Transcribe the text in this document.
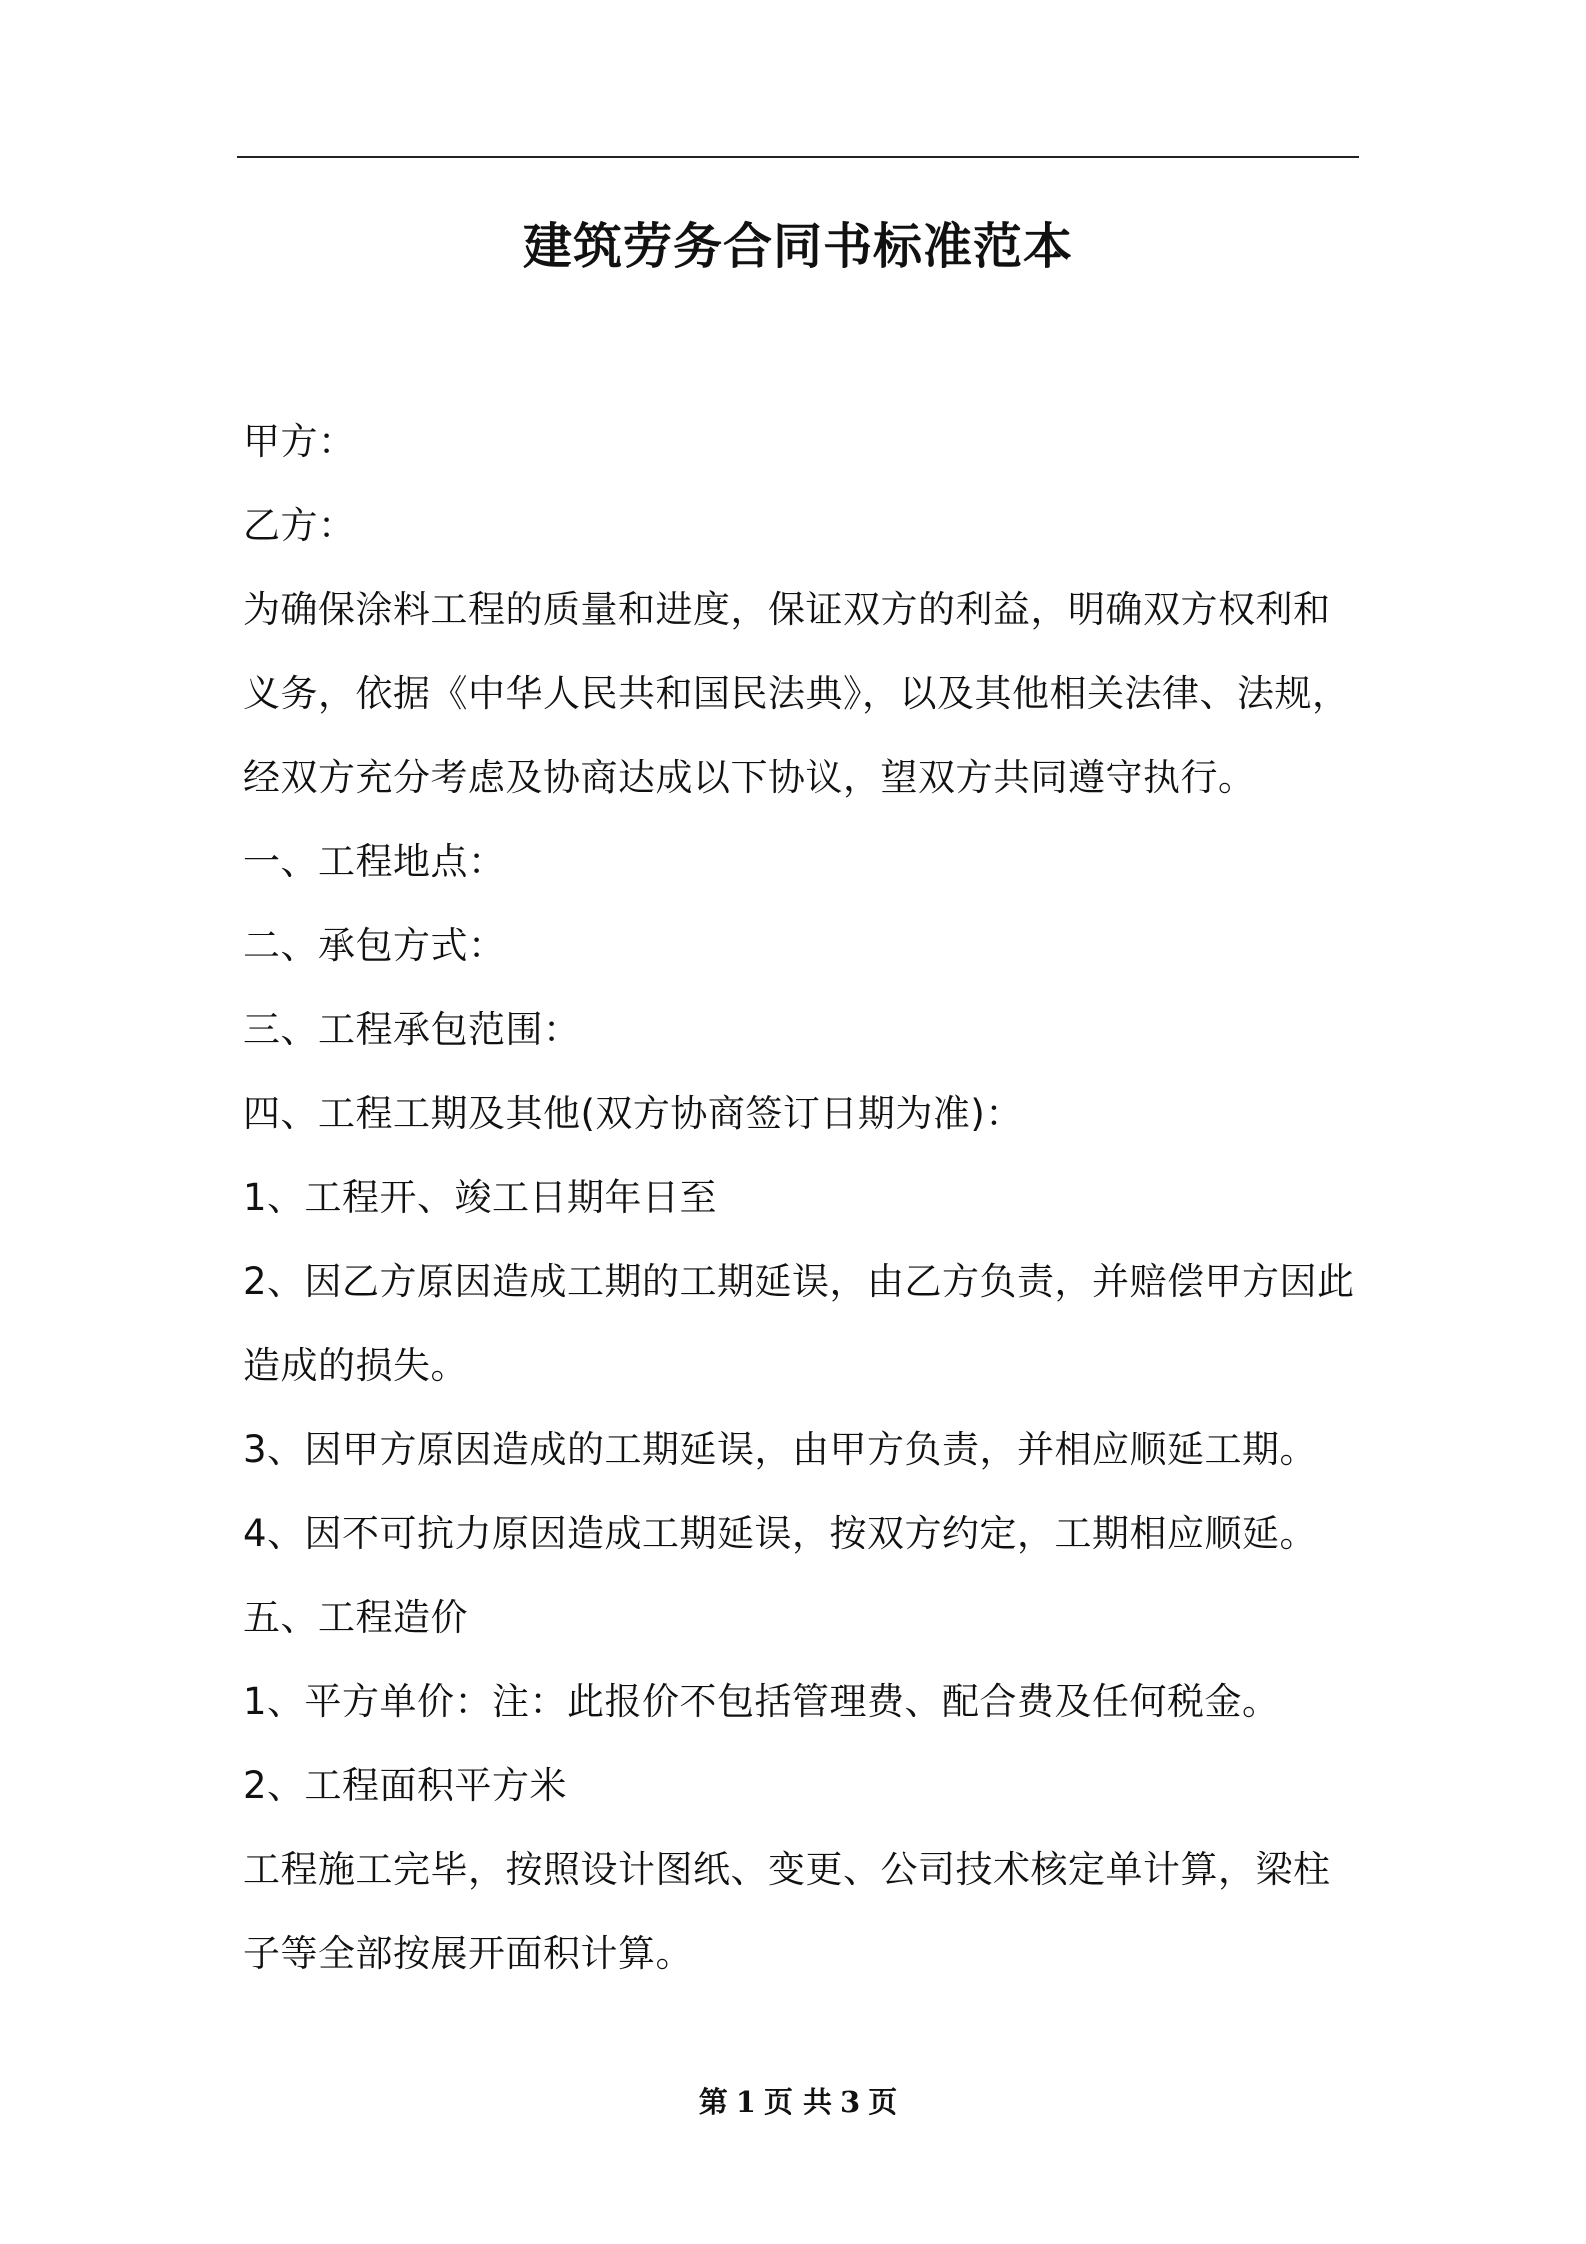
建筑劳务合同书标准范本

甲方：

乙方：

为确保涂料工程的质量和进度，保证双方的利益，明确双方权利和义务，依据《中华人民共和国民法典》，以及其他相关法律、法规，经双方充分考虑及协商达成以下协议，望双方共同遵守执行。

一、工程地点：

二、承包方式：

三、工程承包范围：

四、工程工期及其他(双方协商签订日期为准)：

1、工程开、竣工日期年日至

2、因乙方原因造成工期的工期延误，由乙方负责，并赔偿甲方因此造成的损失。

3、因甲方原因造成的工期延误，由甲方负责，并相应顺延工期。

4、因不可抗力原因造成工期延误，按双方约定，工期相应顺延。

五、工程造价

1、平方单价：注：此报价不包括管理费、配合费及任何税金。

2、工程面积平方米

工程施工完毕，按照设计图纸、变更、公司技术核定单计算，梁柱子等全部按展开面积计算。

第 1 页 共 3 页
